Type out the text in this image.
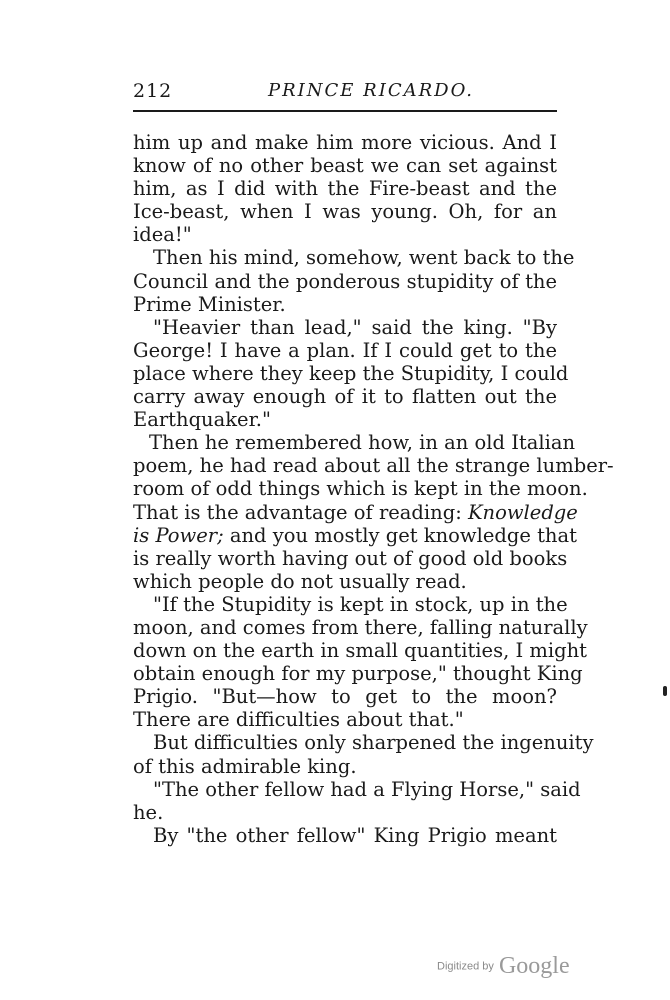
212	PRINCE RICARDO.
him up and make him more vicious. And I
know of no other beast we can set against
him, as I did with the Fire-beast and the
Ice-beast, when I was young. Oh, for an
idea!"
Then his mind, somehow, went back to the
Council and the ponderous stupidity of the
Prime Minister.
"Heavier than lead," said the king. "By
George! I have a plan. If I could get to the
place where they keep the Stupidity, I could
carry away enough of it to flatten out the
Earthquaker."
Then he remembered how, in an old Italian
poem, he had read about all the strange lumber-
room of odd things which is kept in the moon.
That is the advantage of reading: Knowledge
is Power; and you mostly get knowledge that
is really worth having out of good old books
which people do not usually read.
"If the Stupidity is kept in stock, up in the
moon, and comes from there, falling naturally
down on the earth in small quantities, I might
obtain enough for my purpose," thought King
Prigio. "But—how to get to the moon?
There are difficulties about that."
But difficulties only sharpened the ingenuity
of this admirable king.
"The other fellow had a Flying Horse," said
he.
By "the other fellow" King Prigio meant
Digitized by Google
